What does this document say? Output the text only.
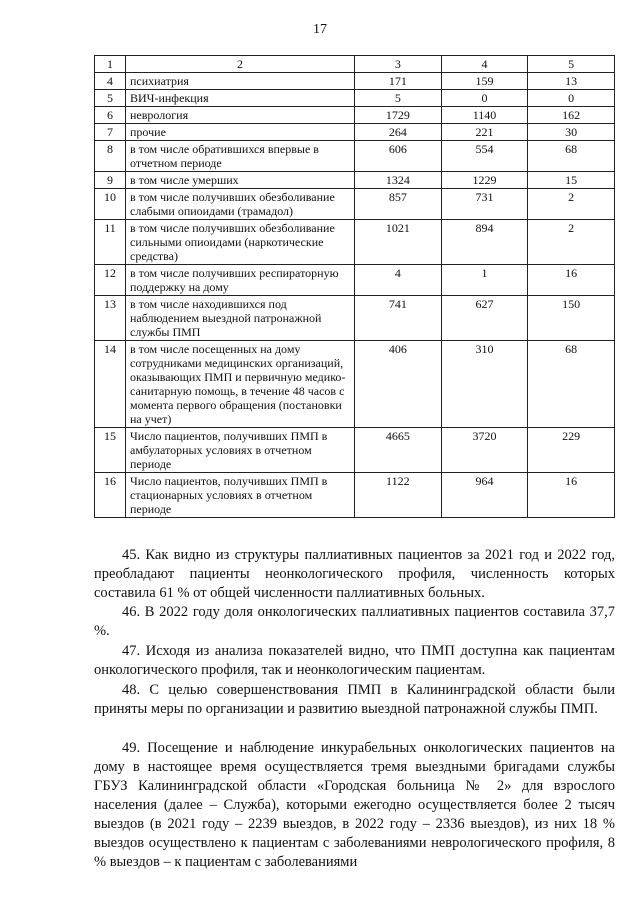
17
1	2	3	4	5
4	психиатрия	171	159	13
5	ВИЧ-инфекция	5	0	0
6	неврология	1729	1140	162
7	прочие	264	221	30
8	в том числе обратившихся впервые в отчетном периоде	606	554	68
9	в том числе умерших	1324	1229	15
10	в том числе получивших обезболивание слабыми опиоидами (трамадол)	857	731	2
11	в том числе получивших обезболивание сильными опиоидами (наркотические средства)	1021	894	2
12	в том числе получивших респираторную поддержку на дому	4	1	16
13	в том числе находившихся под наблюдением выездной патронажной службы ПМП	741	627	150
14	в том числе посещенных на дому сотрудниками медицинских организаций, оказывающих ПМП и первичную медико-санитарную помощь, в течение 48 часов с момента первого обращения (постановки на учет)	406	310	68
15	Число пациентов, получивших ПМП в амбулаторных условиях в отчетном периоде	4665	3720	229
16	Число пациентов, получивших ПМП в стационарных условиях в отчетном периоде	1122	964	16
45. Как видно из структуры паллиативных пациентов за 2021 год и 2022 год, преобладают пациенты неонкологического профиля, численность которых составила 61 % от общей численности паллиативных больных.
46. В 2022 году доля онкологических паллиативных пациентов составила 37,7 %.
47. Исходя из анализа показателей видно, что ПМП доступна как пациентам онкологического профиля, так и неонкологическим пациентам.
48. С целью совершенствования ПМП в Калининградской области были приняты меры по организации и развитию выездной патронажной службы ПМП.
49. Посещение и наблюдение инкурабельных онкологических пациентов на дому в настоящее время осуществляется тремя выездными бригадами службы ГБУЗ Калининградской области «Городская больница № 2» для взрослого населения (далее – Служба), которыми ежегодно осуществляется более 2 тысяч выездов (в 2021 году – 2239 выездов, в 2022 году – 2336 выездов), из них 18 % выездов осуществлено к пациентам с заболеваниями неврологического профиля, 8 % выездов – к пациентам с заболеваниями
